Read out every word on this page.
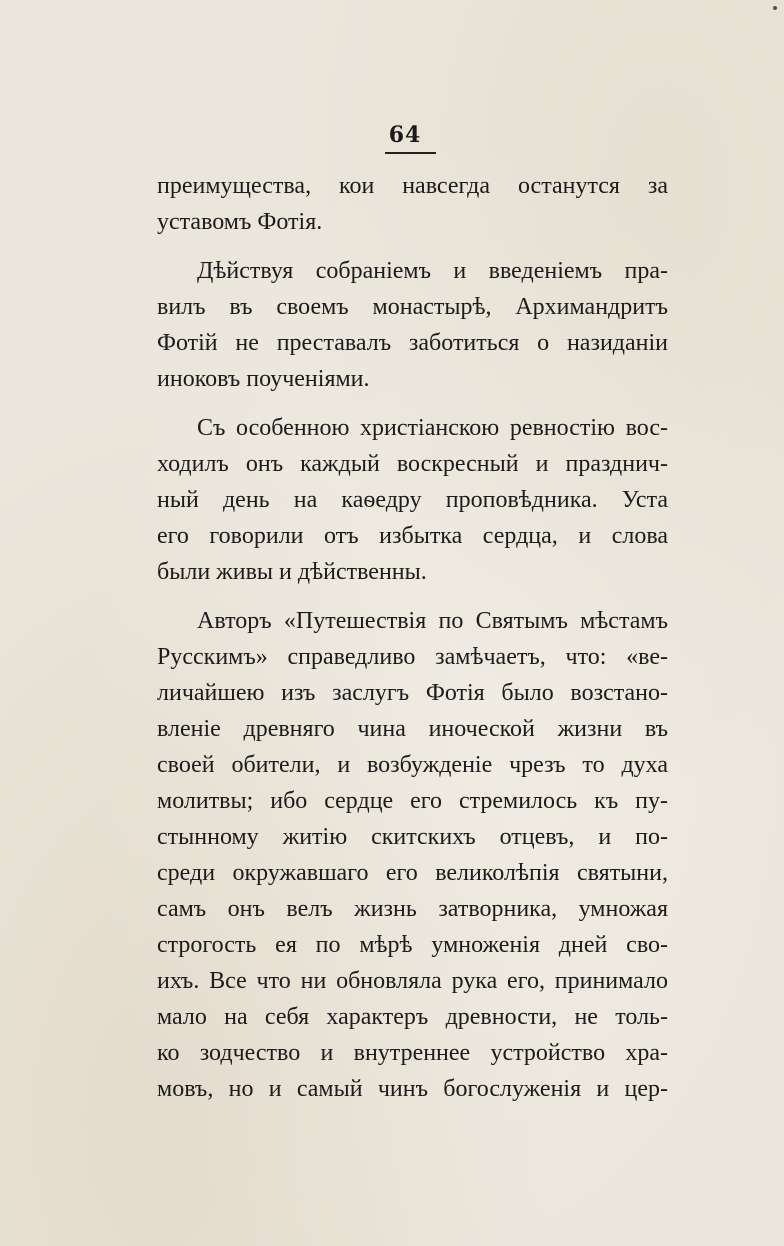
64
преимущества, кои навсегда останутся за
уставомъ Фотія.
Дѣйствуя собраніемъ и введеніемъ пра-
вилъ въ своемъ монастырѣ, Архимандритъ
Фотій не преставалъ заботиться о назиданіи
иноковъ поученіями.
Съ особенною христіанскою ревностію вос-
ходилъ онъ каждый воскресный и празднич-
ный день на каѳедру проповѣдника. Уста
его говорили отъ избытка сердца, и слова
были живы и дѣйственны.
Авторъ «Путешествія по Святымъ мѣстамъ
Русскимъ» справедливо замѣчаетъ, что: «ве-
личайшею изъ заслугъ Фотія было возстано-
вленіе древняго чина иноческой жизни въ
своей обители, и возбужденіе чрезъ то духа
молитвы; ибо сердце его стремилось къ пу-
стынному житію скитскихъ отцевъ, и по-
среди окружавшаго его великолѣпія святыни,
самъ онъ велъ жизнь затворника, умножая
строгость ея по мѣрѣ умноженія дней сво-
ихъ. Все что ни обновляла рука его, принимало
мало на себя характеръ древности, не толь-
ко зодчество и внутреннее устройство хра-
мовъ, но и самый чинъ богослуженія и цер-
